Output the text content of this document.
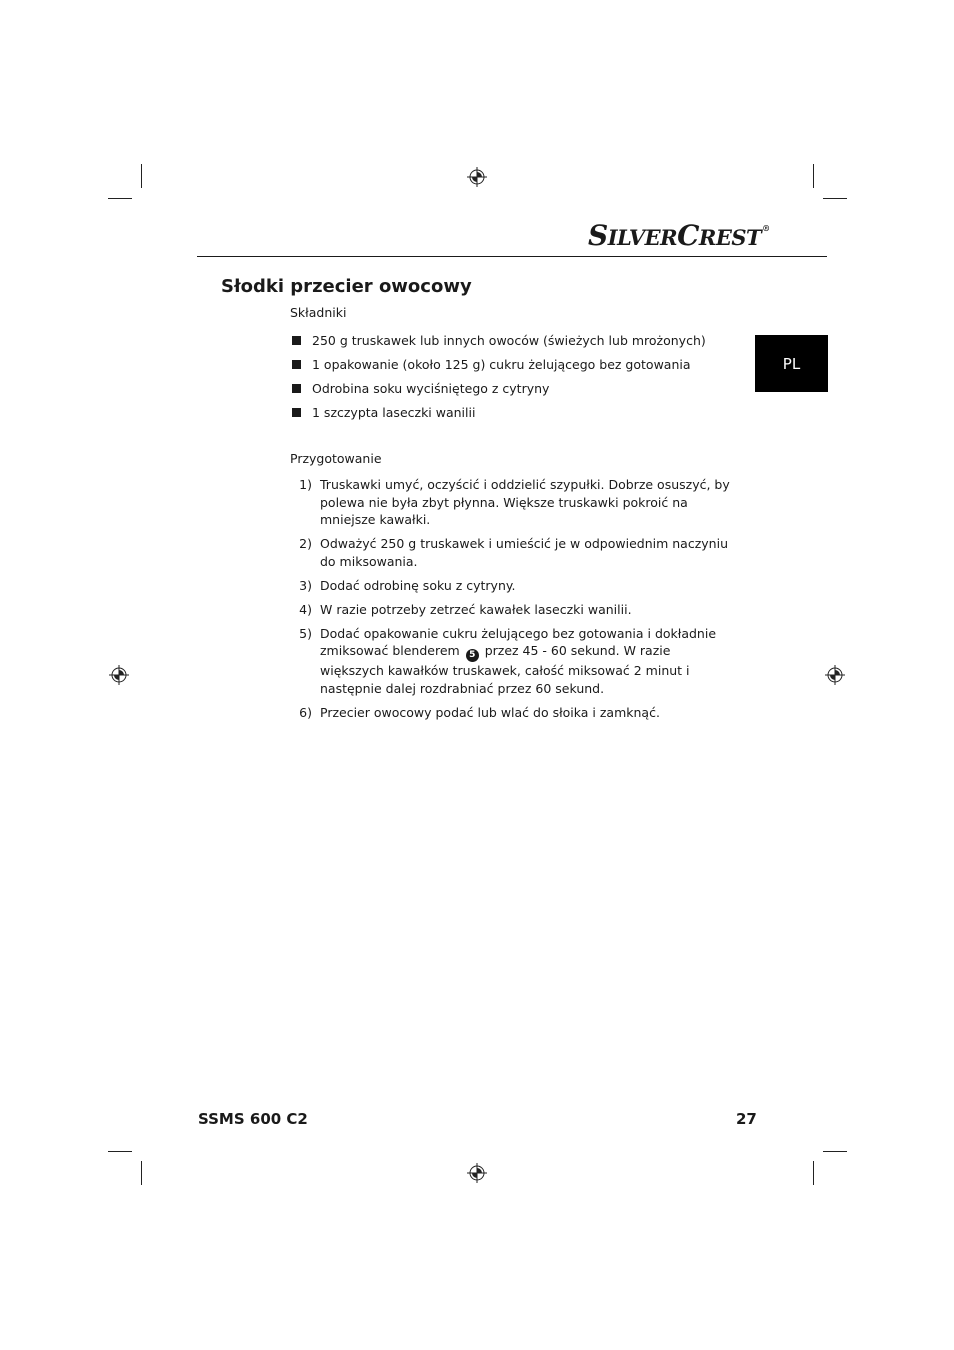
SILVERCREST®
PL
Słodki przecier owocowy
Składniki
250 g truskawek lub innych owoców (świeżych lub mrożonych)
1 opakowanie (około 125 g) cukru żelującego bez gotowania
Odrobina soku wyciśniętego z cytryny
1 szczypta laseczki wanilii
Przygotowanie
1) Truskawki umyć, oczyścić i oddzielić szypułki. Dobrze osuszyć, by polewa nie była zbyt płynna. Większe truskawki pokroić na mniejsze kawałki.
2) Odważyć 250 g truskawek i umieścić je w odpowiednim naczyniu do miksowania.
3) Dodać odrobinę soku z cytryny.
4) W razie potrzeby zetrzeć kawałek laseczki wanilii.
5) Dodać opakowanie cukru żelującego bez gotowania i dokładnie zmiksować blenderem 5 przez 45 - 60 sekund. W razie większych kawałków truskawek, całość miksować 2 minut i następnie dalej rozdrabniać przez 60 sekund.
6) Przecier owocowy podać lub wlać do słoika i zamknąć.
SSMS 600 C2	27
